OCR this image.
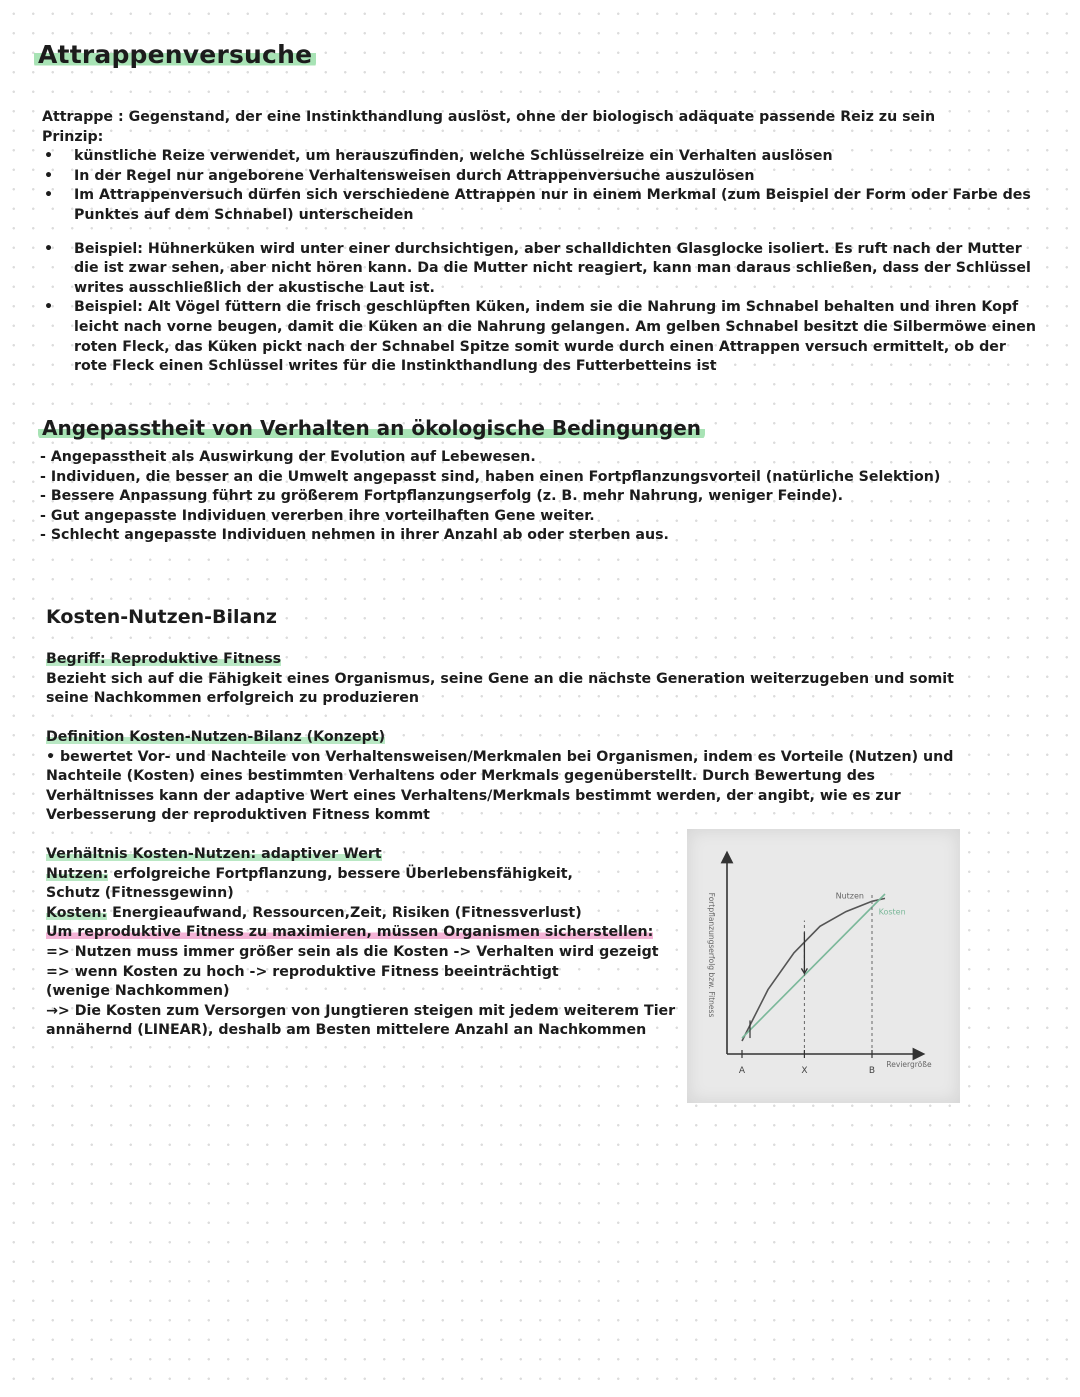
Attrappenversuche
Attrappe : Gegenstand, der eine Instinkthandlung auslöst, ohne der biologisch adäquate passende Reiz zu sein
Prinzip:
• künstliche Reize verwendet, um herauszufinden, welche Schlüsselreize ein Verhalten auslösen
• In der Regel nur angeborene Verhaltensweisen durch Attrappenversuche auszulösen
• Im Attrappenversuch dürfen sich verschiedene Attrappen nur in einem Merkmal (zum Beispiel der Form oder Farbe des Punktes auf dem Schnabel) unterscheiden
• Beispiel: Hühnerküken wird unter einer durchsichtigen, aber schalldichten Glasglocke isoliert. Es ruft nach der Mutter die ist zwar sehen, aber nicht hören kann. Da die Mutter nicht reagiert, kann man daraus schließen, dass der Schlüssel writes ausschließlich der akustische Laut ist.
• Beispiel: Alt Vögel füttern die frisch geschlüpften Küken, indem sie die Nahrung im Schnabel behalten und ihren Kopf leicht nach vorne beugen, damit die Küken an die Nahrung gelangen. Am gelben Schnabel besitzt die Silbermöwe einen roten Fleck, das Küken pickt nach der Schnabel Spitze somit wurde durch einen Attrappen versuch ermittelt, ob der rote Fleck einen Schlüssel writes für die Instinkthandlung des Futterbetteins ist
Angepasstheit von Verhalten an ökologische Bedingungen
- Angepasstheit als Auswirkung der Evolution auf Lebewesen.
- Individuen, die besser an die Umwelt angepasst sind, haben einen Fortpflanzungsvorteil (natürliche Selektion)
- Bessere Anpassung führt zu größerem Fortpflanzungserfolg (z. B. mehr Nahrung, weniger Feinde).
- Gut angepasste Individuen vererben ihre vorteilhaften Gene weiter.
- Schlecht angepasste Individuen nehmen in ihrer Anzahl ab oder sterben aus.
Kosten-Nutzen-Bilanz
Begriff: Reproduktive Fitness
Bezieht sich auf die Fähigkeit eines Organismus, seine Gene an die nächste Generation weiterzugeben und somit seine Nachkommen erfolgreich zu produzieren
Definition Kosten-Nutzen-Bilanz (Konzept)
• bewertet Vor- und Nachteile von Verhaltensweisen/Merkmalen bei Organismen, indem es Vorteile (Nutzen) und Nachteile (Kosten) eines bestimmten Verhaltens oder Merkmals gegenüberstellt. Durch Bewertung des Verhältnisses kann der adaptive Wert eines Verhaltens/Merkmals bestimmt werden, der angibt, wie es zur Verbesserung der reproduktiven Fitness kommt
Verhältnis Kosten-Nutzen: adaptiver Wert
Nutzen: erfolgreiche Fortpflanzung, bessere Überlebensfähigkeit,
Schutz (Fitnessgewinn)
Kosten: Energieaufwand, Ressourcen,Zeit, Risiken (Fitnessverlust)
Um reproduktive Fitness zu maximieren, müssen Organismen sicherstellen:
=> Nutzen muss immer größer sein als die Kosten -> Verhalten wird gezeigt
=> wenn Kosten zu hoch -> reproduktive Fitness beeinträchtigt
(wenige Nachkommen)
→> Die Kosten zum Versorgen von Jungtieren steigen mit jedem weiterem Tier
annähernd (LINEAR), deshalb am Besten mittelere Anzahl an Nachkommen
Fortpflanzungserfolg bzw. Fitness
Reviergröße
Nutzen
Kosten
A	X	B
